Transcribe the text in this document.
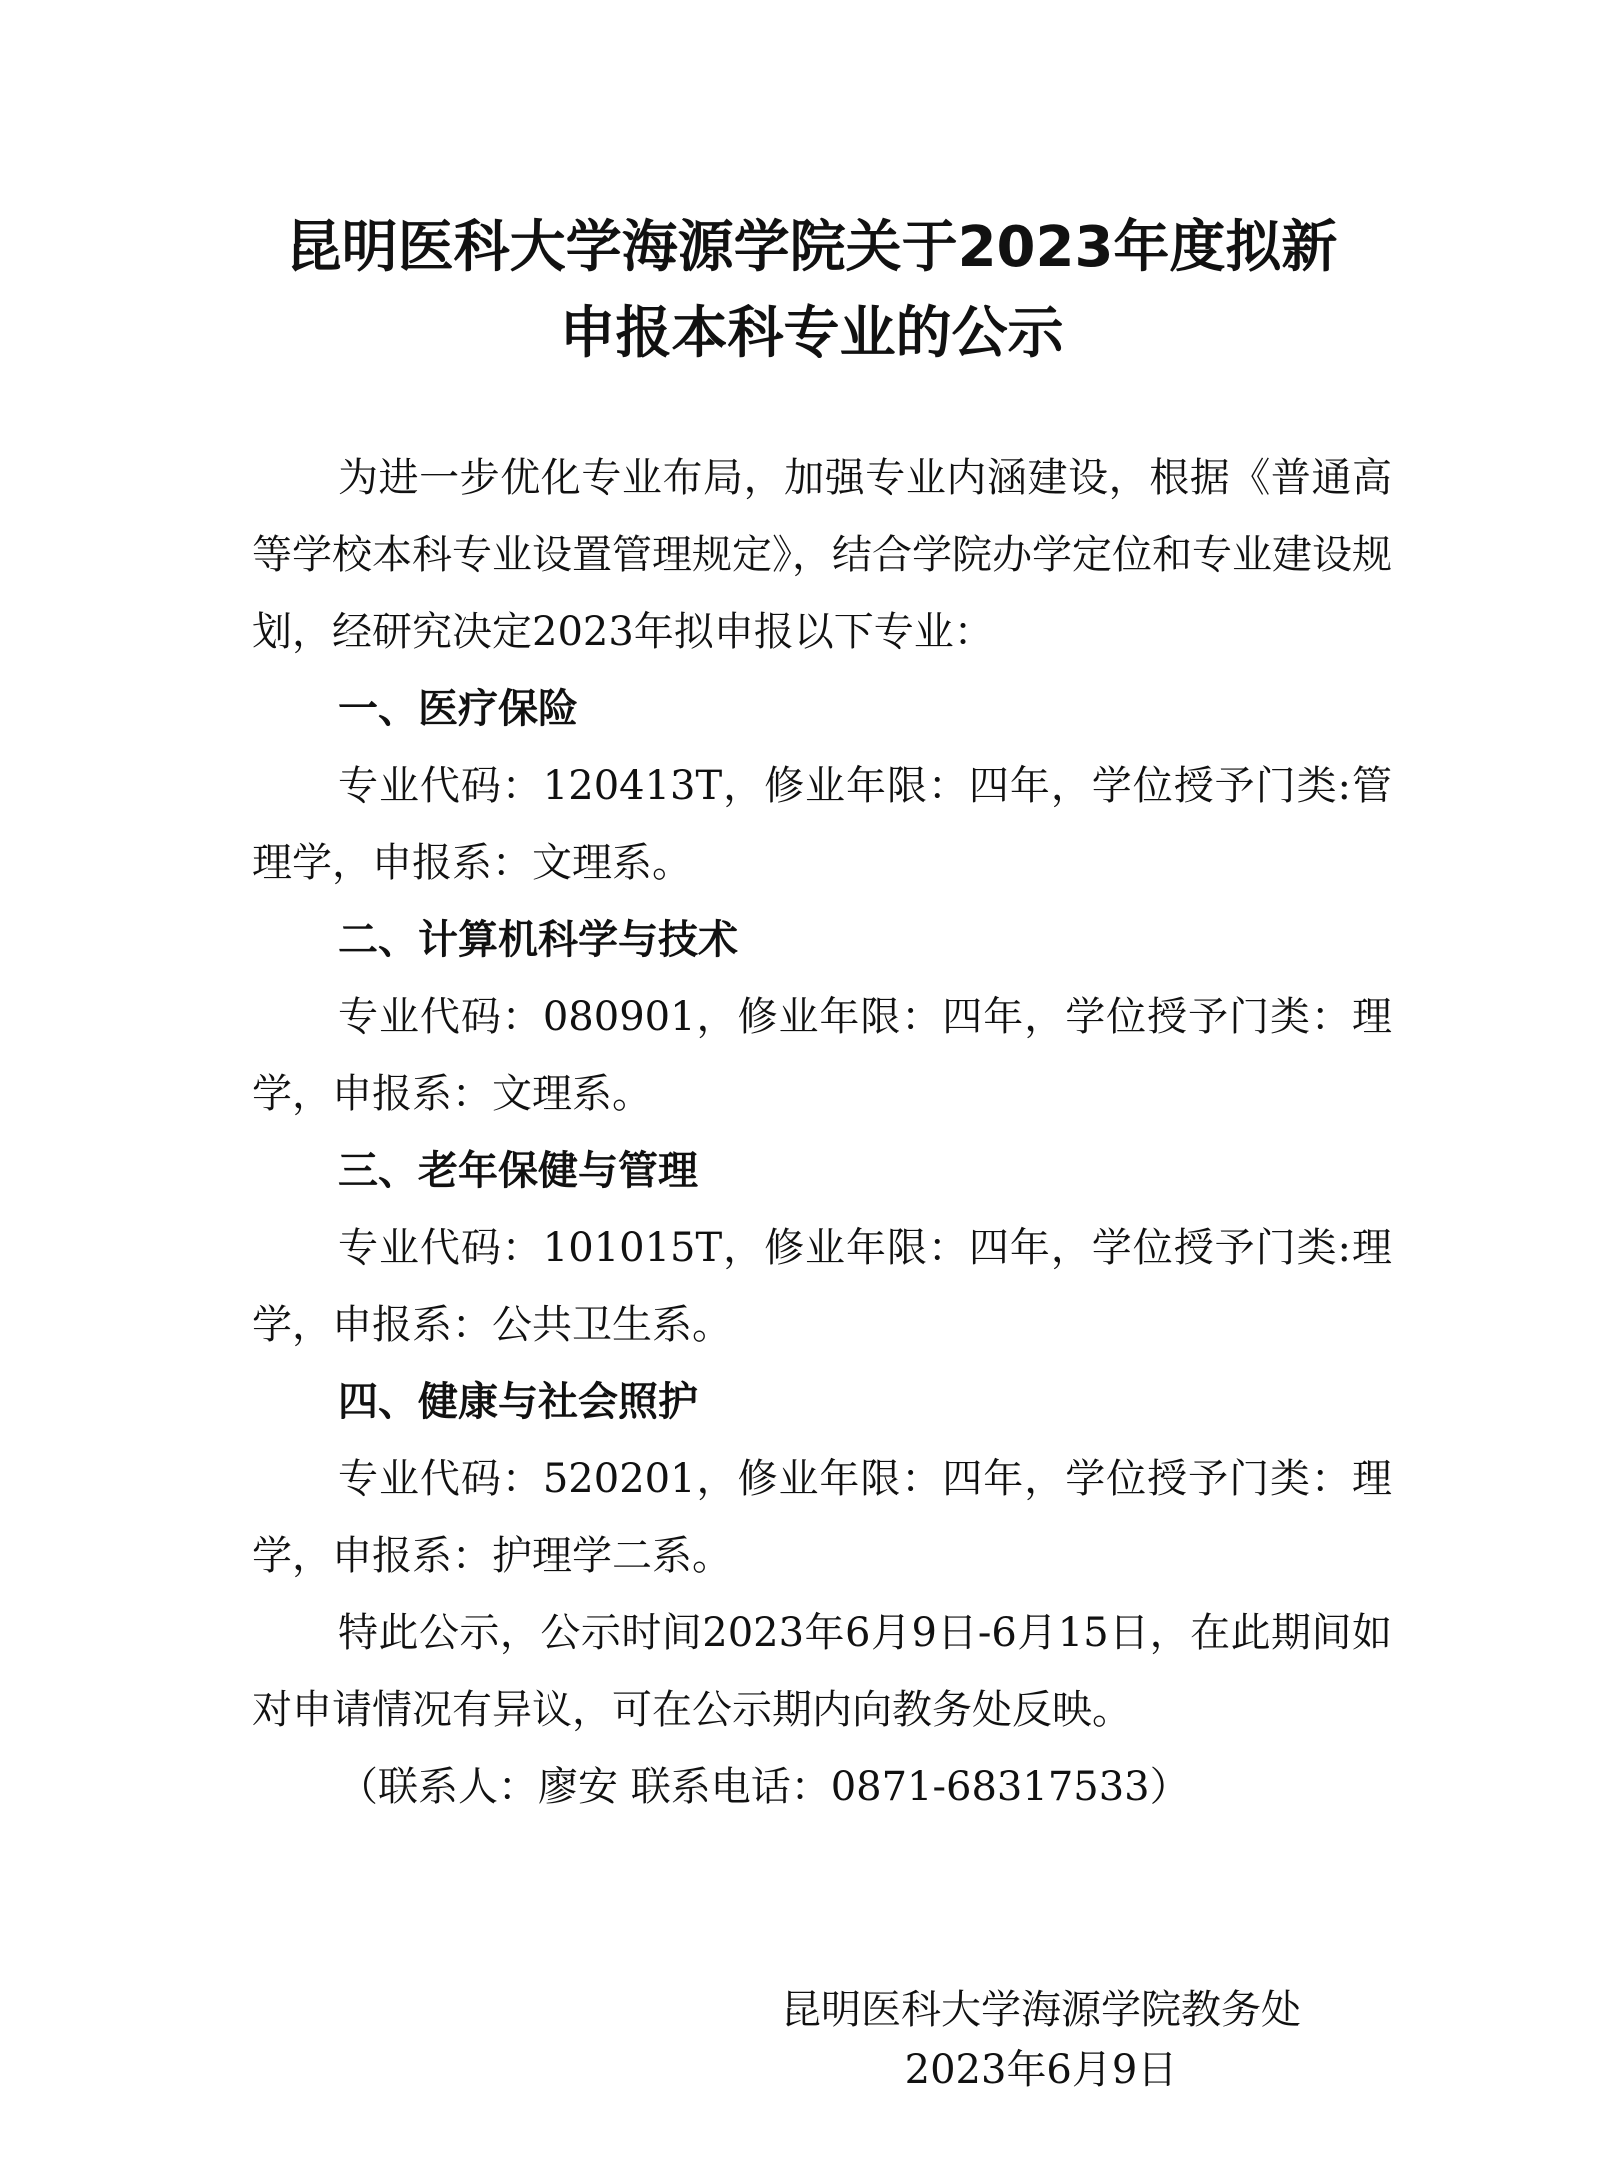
昆明医科大学海源学院关于2023年度拟新
申报本科专业的公示

为进一步优化专业布局，加强专业内涵建设，根据《普通高等学校本科专业设置管理规定》，结合学院办学定位和专业建设规划，经研究决定2023年拟申报以下专业：

一、医疗保险

专业代码：120413T，修业年限：四年，学位授予门类:管理学，申报系：文理系。

二、计算机科学与技术

专业代码：080901，修业年限：四年，学位授予门类：理学，申报系：文理系。

三、老年保健与管理

专业代码：101015T，修业年限：四年，学位授予门类:理学，申报系：公共卫生系。

四、健康与社会照护

专业代码：520201，修业年限：四年，学位授予门类：理学，申报系：护理学二系。

特此公示，公示时间2023年6月9日-6月15日，在此期间如对申请情况有异议，可在公示期内向教务处反映。

（联系人：廖安 联系电话：0871-68317533）

昆明医科大学海源学院教务处
2023年6月9日
